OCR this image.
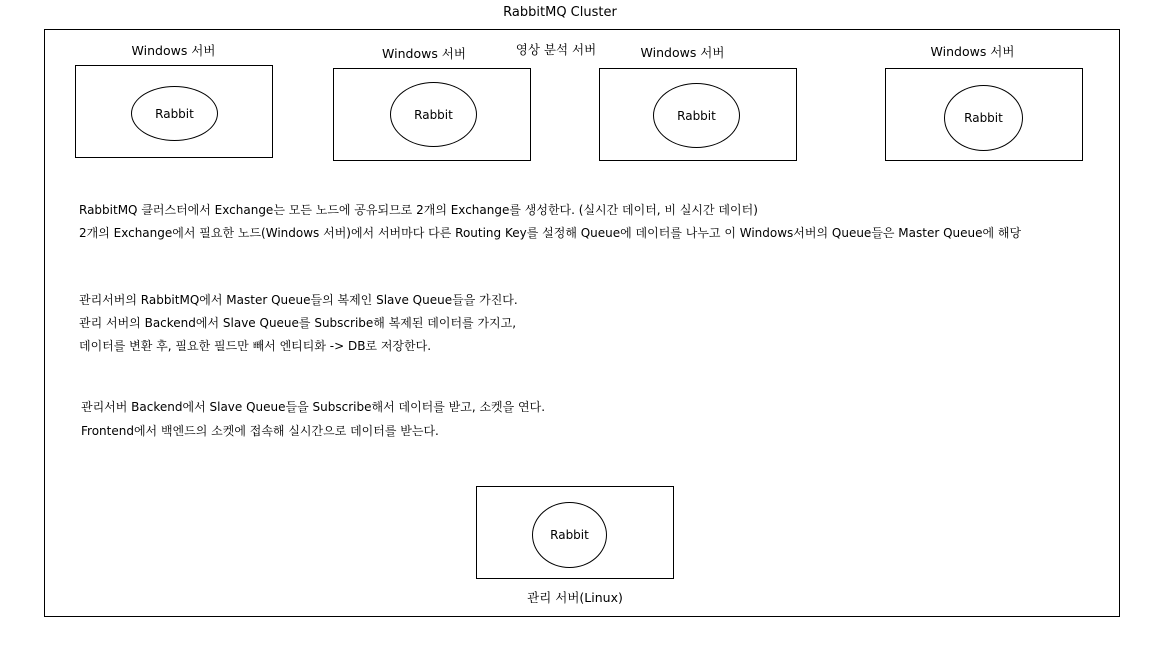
RabbitMQ Cluster
영상 분석 서버
Windows 서버
Rabbit
Windows 서버
Rabbit
Windows 서버
Rabbit
Windows 서버
Rabbit
RabbitMQ 클러스터에서 Exchange는 모든 노드에 공유되므로 2개의 Exchange를 생성한다. (실시간 데이터, 비 실시간 데이터)
2개의 Exchange에서 필요한 노드(Windows 서버)에서 서버마다 다른 Routing Key를 설정해 Queue에 데이터를 나누고 이 Windows서버의 Queue들은 Master Queue에 해당
관리서버의 RabbitMQ에서 Master Queue들의 복제인 Slave Queue들을 가진다.
관리 서버의 Backend에서 Slave Queue를 Subscribe해 복제된 데이터를 가지고,
데이터를 변환 후, 필요한 필드만 빼서 엔티티화 -> DB로 저장한다.
관리서버 Backend에서 Slave Queue들을 Subscribe해서 데이터를 받고, 소켓을 연다.
Frontend에서 백엔드의 소켓에 접속해 실시간으로 데이터를 받는다.
Rabbit
관리 서버(Linux)
